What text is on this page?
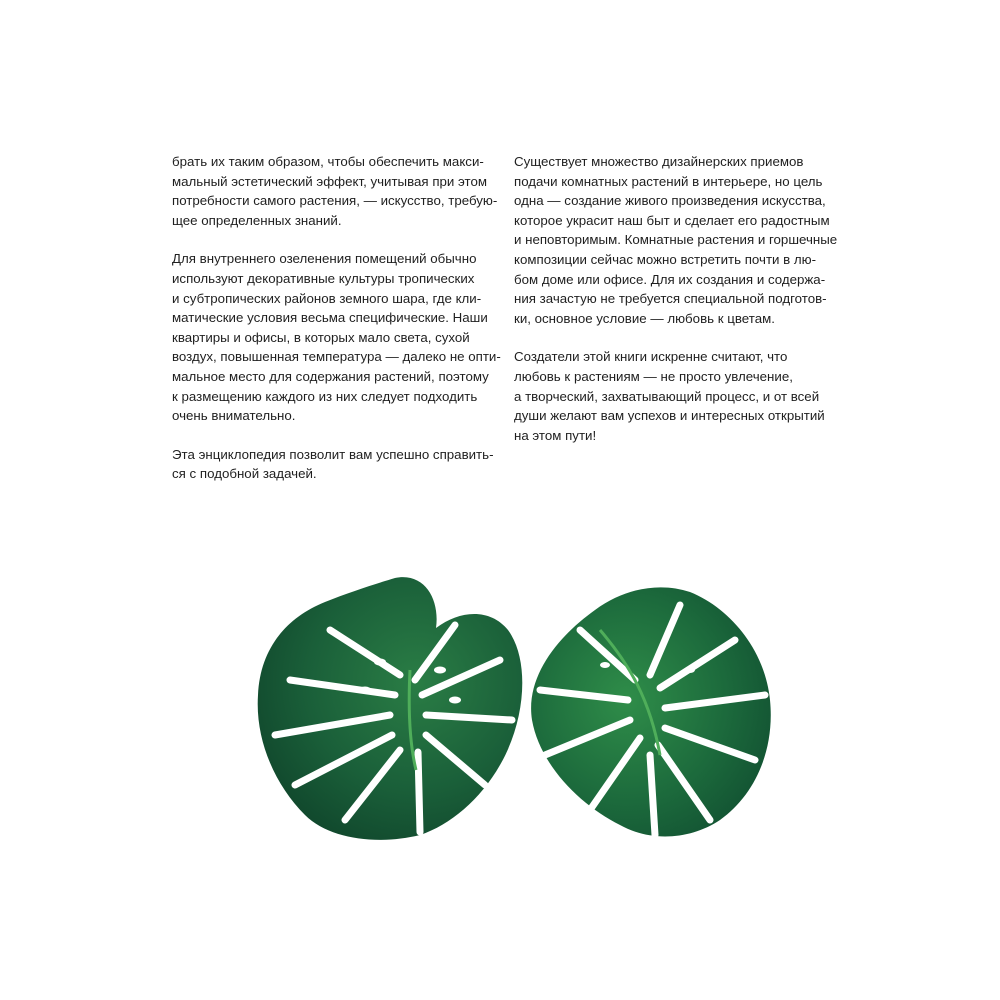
брать их таким образом, чтобы обеспечить макси-
мальный эстетический эффект, учитывая при этом
потребности самого растения, — искусство, требую-
щее определенных знаний.

Для внутреннего озеленения помещений обычно
используют декоративные культуры тропических
и субтропических районов земного шара, где кли-
матические условия весьма специфические. Наши
квартиры и офисы, в которых мало света, сухой
воздух, повышенная температура — далеко не опти-
мальное место для содержания растений, поэтому
к размещению каждого из них следует подходить
очень внимательно.

Эта энциклопедия позволит вам успешно справить-
ся с подобной задачей.

Существует множество дизайнерских приемов
подачи комнатных растений в интерьере, но цель
одна — создание живого произведения искусства,
которое украсит наш быт и сделает его радостным
и неповторимым. Комнатные растения и горшечные
композиции сейчас можно встретить почти в лю-
бом доме или офисе. Для их создания и содержа-
ния зачастую не требуется специальной подготов-
ки, основное условие — любовь к цветам.

Создатели этой книги искренне считают, что
любовь к растениям — не просто увлечение,
а творческий, захватывающий процесс, и от всей
души желают вам успехов и интересных открытий
на этом пути!
